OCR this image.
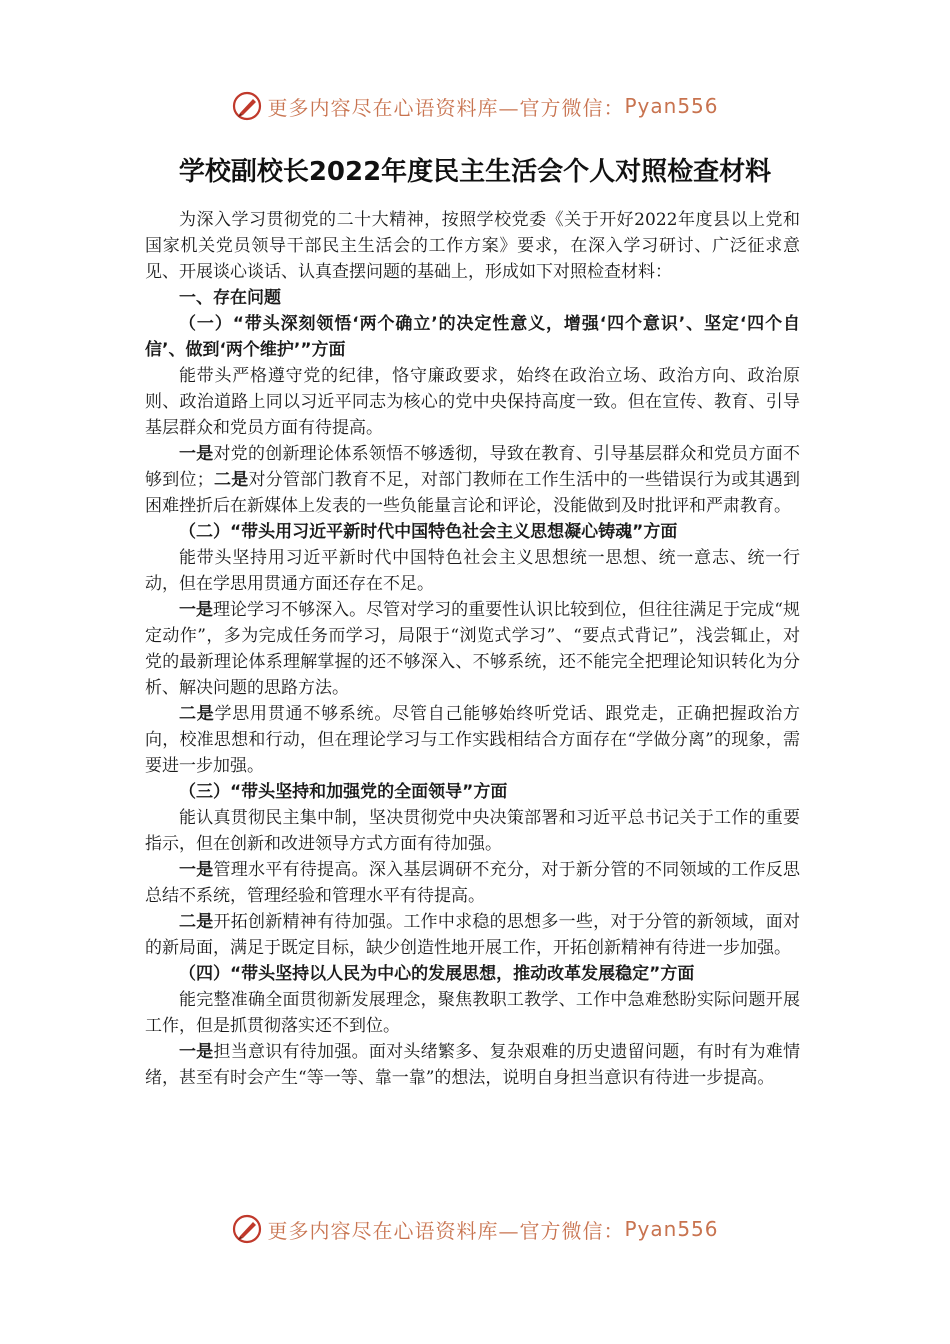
更多内容尽在心语资料库—官方微信： Pyan556
学校副校长2022年度民主生活会个人对照检查材料

为深入学习贯彻党的二十大精神，按照学校党委《关于开好2022年度县以上党和国家机关党员领导干部民主生活会的工作方案》要求，在深入学习研讨、广泛征求意见、开展谈心谈话、认真查摆问题的基础上，形成如下对照检查材料：

一、存在问题

（一）“带头深刻领悟‘两个确立’的决定性意义，增强‘四个意识’、坚定‘四个自信’、做到‘两个维护’”方面

能带头严格遵守党的纪律，恪守廉政要求，始终在政治立场、政治方向、政治原则、政治道路上同以习近平同志为核心的党中央保持高度一致。但在宣传、教育、引导基层群众和党员方面有待提高。

一是对党的创新理论体系领悟不够透彻，导致在教育、引导基层群众和党员方面不够到位；二是对分管部门教育不足，对部门教师在工作生活中的一些错误行为或其遇到困难挫折后在新媒体上发表的一些负能量言论和评论，没能做到及时批评和严肃教育。

（二）“带头用习近平新时代中国特色社会主义思想凝心铸魂”方面

能带头坚持用习近平新时代中国特色社会主义思想统一思想、统一意志、统一行动，但在学思用贯通方面还存在不足。

一是理论学习不够深入。尽管对学习的重要性认识比较到位，但往往满足于完成“规定动作”，多为完成任务而学习，局限于“浏览式学习”、“要点式背记”，浅尝辄止，对党的最新理论体系理解掌握的还不够深入、不够系统，还不能完全把理论知识转化为分析、解决问题的思路方法。

二是学思用贯通不够系统。尽管自己能够始终听党话、跟党走，正确把握政治方向，校准思想和行动，但在理论学习与工作实践相结合方面存在“学做分离”的现象，需要进一步加强。

（三）“带头坚持和加强党的全面领导”方面

能认真贯彻民主集中制，坚决贯彻党中央决策部署和习近平总书记关于工作的重要指示，但在创新和改进领导方式方面有待加强。

一是管理水平有待提高。深入基层调研不充分，对于新分管的不同领域的工作反思总结不系统，管理经验和管理水平有待提高。

二是开拓创新精神有待加强。工作中求稳的思想多一些，对于分管的新领域，面对的新局面，满足于既定目标，缺少创造性地开展工作，开拓创新精神有待进一步加强。

（四）“带头坚持以人民为中心的发展思想，推动改革发展稳定”方面

能完整准确全面贯彻新发展理念，聚焦教职工教学、工作中急难愁盼实际问题开展工作，但是抓贯彻落实还不到位。

一是担当意识有待加强。面对头绪繁多、复杂艰难的历史遗留问题，有时有为难情绪，甚至有时会产生“等一等、靠一靠”的想法，说明自身担当意识有待进一步提高。

更多内容尽在心语资料库—官方微信： Pyan556
